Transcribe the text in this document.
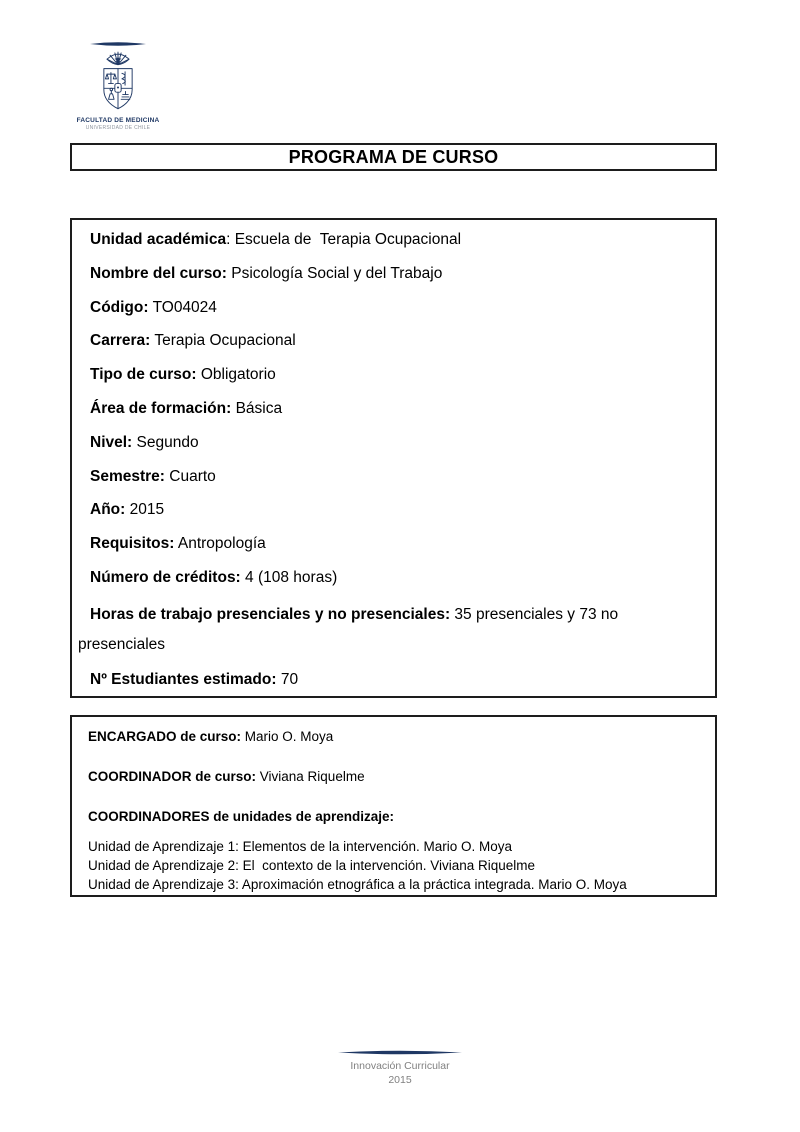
FACULTAD DE MEDICINA
UNIVERSIDAD DE CHILE
PROGRAMA DE CURSO

Unidad académica: Escuela de  Terapia Ocupacional

Nombre del curso: Psicología Social y del Trabajo

Código: TO04024

Carrera: Terapia Ocupacional

Tipo de curso: Obligatorio

Área de formación: Básica

Nivel: Segundo

Semestre: Cuarto

Año: 2015

Requisitos: Antropología

Número de créditos: 4 (108 horas)

Horas de trabajo presenciales y no presenciales: 35 presenciales y 73 no presenciales

Nº Estudiantes estimado: 70

ENCARGADO de curso: Mario O. Moya

COORDINADOR de curso: Viviana Riquelme

COORDINADORES de unidades de aprendizaje:

Unidad de Aprendizaje 1: Elementos de la intervención. Mario O. Moya

Unidad de Aprendizaje 2: El  contexto de la intervención. Viviana Riquelme

Unidad de Aprendizaje 3: Aproximación etnográfica a la práctica integrada. Mario O. Moya

Innovación Curricular
2015
